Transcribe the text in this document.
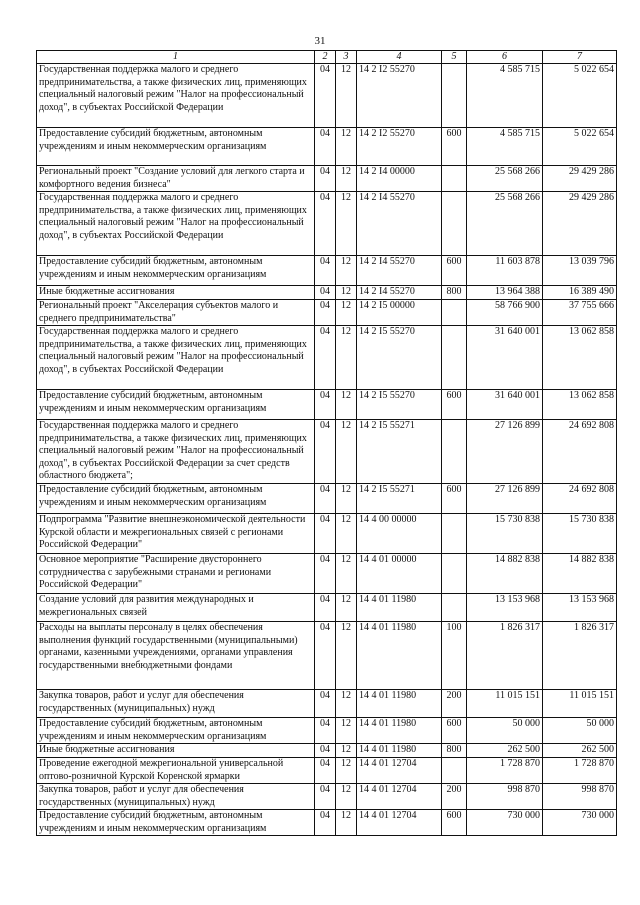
31
1	2	3	4	5	6	7
Государственная поддержка малого и среднего предпринимательства, а также физических лиц, применяющих специальный налоговый режим "Налог на профессиональный доход", в субъектах Российской Федерации	04	12	14 2 I2 55270		4 585 715	5 022 654
Предоставление субсидий бюджетным, автономным учреждениям и иным некоммерческим организациям	04	12	14 2 I2 55270	600	4 585 715	5 022 654
Региональный проект "Создание условий для легкого старта и комфортного ведения бизнеса"	04	12	14 2 I4 00000		25 568 266	29 429 286
Государственная поддержка малого и среднего предпринимательства, а также физических лиц, применяющих специальный налоговый режим "Налог на профессиональный доход", в субъектах Российской Федерации	04	12	14 2 I4 55270		25 568 266	29 429 286
Предоставление субсидий бюджетным, автономным учреждениям и иным некоммерческим организациям	04	12	14 2 I4 55270	600	11 603 878	13 039 796
Иные бюджетные ассигнования	04	12	14 2 I4 55270	800	13 964 388	16 389 490
Региональный проект "Акселерация субъектов малого и среднего предпринимательства"	04	12	14 2 I5 00000		58 766 900	37 755 666
Государственная поддержка малого и среднего предпринимательства, а также физических лиц, применяющих специальный налоговый режим "Налог на профессиональный доход", в субъектах Российской Федерации	04	12	14 2 I5 55270		31 640 001	13 062 858
Предоставление субсидий бюджетным, автономным учреждениям и иным некоммерческим организациям	04	12	14 2 I5 55270	600	31 640 001	13 062 858
Государственная поддержка малого и среднего предпринимательства, а также физических лиц, применяющих специальный налоговый режим "Налог на профессиональный доход", в субъектах Российской Федерации за счет средств областного бюджета";	04	12	14 2 I5 55271		27 126 899	24 692 808
Предоставление субсидий бюджетным, автономным учреждениям и иным некоммерческим организациям	04	12	14 2 I5 55271	600	27 126 899	24 692 808
Подпрограмма "Развитие внешнеэкономической деятельности Курской области и межрегиональных связей с регионами Российской Федерации"	04	12	14 4 00 00000		15 730 838	15 730 838
Основное мероприятие "Расширение двустороннего сотрудничества с зарубежными странами и регионами Российской Федерации"	04	12	14 4 01 00000		14 882 838	14 882 838
Создание условий для развития международных и межрегиональных связей	04	12	14 4 01 11980		13 153 968	13 153 968
Расходы на выплаты персоналу в целях обеспечения выполнения функций государственными (муниципальными) органами, казенными учреждениями, органами управления государственными внебюджетными фондами	04	12	14 4 01 11980	100	1 826 317	1 826 317
Закупка товаров, работ и услуг для обеспечения государственных (муниципальных) нужд	04	12	14 4 01 11980	200	11 015 151	11 015 151
Предоставление субсидий бюджетным, автономным учреждениям и иным некоммерческим организациям	04	12	14 4 01 11980	600	50 000	50 000
Иные бюджетные ассигнования	04	12	14 4 01 11980	800	262 500	262 500
Проведение ежегодной межрегиональной универсальной оптово-розничной Курской Коренской ярмарки	04	12	14 4 01 12704		1 728 870	1 728 870
Закупка товаров, работ и услуг для обеспечения государственных (муниципальных) нужд	04	12	14 4 01 12704	200	998 870	998 870
Предоставление субсидий бюджетным, автономным учреждениям и иным некоммерческим организациям	04	12	14 4 01 12704	600	730 000	730 000
